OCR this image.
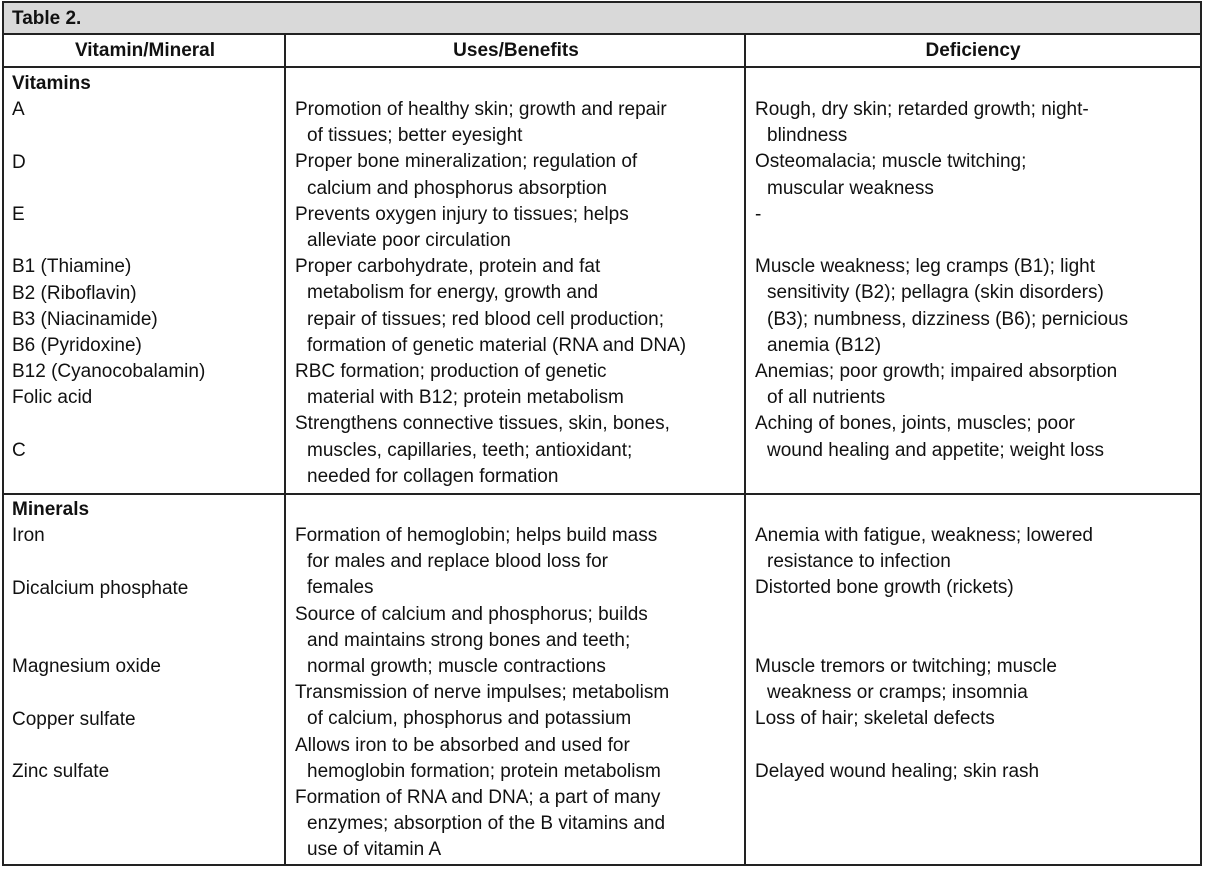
Table 2.
Vitamin/Mineral	Uses/Benefits	Deficiency

Vitamins

A

D

E

B1 (Thiamine)

B2 (Riboflavin)

B3 (Niacinamide)

B6 (Pyridoxine)

B12 (Cyanocobalamin)

Folic acid

C

Promotion of healthy skin; growth and repair

of tissues; better eyesight

Proper bone mineralization; regulation of

calcium and phosphorus absorption

Prevents oxygen injury to tissues; helps

alleviate poor circulation

Proper carbohydrate, protein and fat

metabolism for energy, growth and

repair of tissues; red blood cell production;

formation of genetic material (RNA and DNA)

RBC formation; production of genetic

material with B12; protein metabolism

Strengthens connective tissues, skin, bones,

muscles, capillaries, teeth; antioxidant;

needed for collagen formation

Rough, dry skin; retarded growth; night-

blindness

Osteomalacia; muscle twitching;

muscular weakness

-

Muscle weakness; leg cramps (B1); light

sensitivity (B2); pellagra (skin disorders)

(B3); numbness, dizziness (B6); pernicious

anemia (B12)

Anemias; poor growth; impaired absorption

of all nutrients

Aching of bones, joints, muscles; poor

wound healing and appetite; weight loss

Minerals

Iron

Dicalcium phosphate

Magnesium oxide

Copper sulfate

Zinc sulfate

Formation of hemoglobin; helps build mass

for males and replace blood loss for

females

Source of calcium and phosphorus; builds

and maintains strong bones and teeth;

normal growth; muscle contractions

Transmission of nerve impulses; metabolism

of calcium, phosphorus and potassium

Allows iron to be absorbed and used for

hemoglobin formation; protein metabolism

Formation of RNA and DNA; a part of many

enzymes; absorption of the B vitamins and

use of vitamin A

Anemia with fatigue, weakness; lowered

resistance to infection

Distorted bone growth (rickets)

Muscle tremors or twitching; muscle

weakness or cramps; insomnia

Loss of hair; skeletal defects

Delayed wound healing; skin rash
